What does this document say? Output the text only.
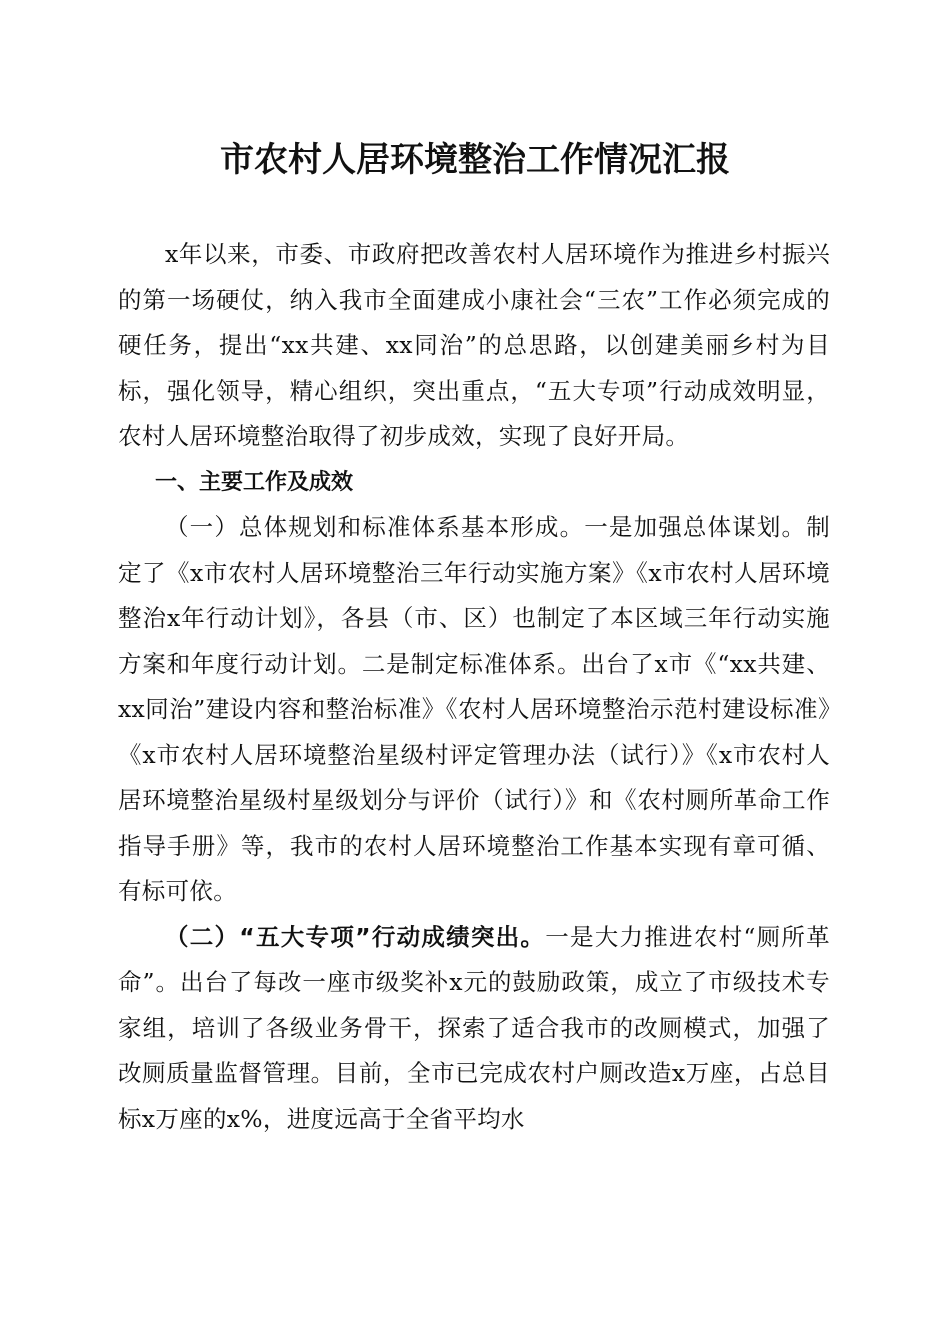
市农村人居环境整治工作情况汇报

x年以来，市委、市政府把改善农村人居环境作为推进乡村振兴的第一场硬仗，纳入我市全面建成小康社会“三农”工作必须完成的硬任务，提出“xx共建、xx同治”的总思路，以创建美丽乡村为目标，强化领导，精心组织，突出重点，“五大专项”行动成效明显，农村人居环境整治取得了初步成效，实现了良好开局。

一、主要工作及成效

（一）总体规划和标准体系基本形成。一是加强总体谋划。制定了《x市农村人居环境整治三年行动实施方案》《x市农村人居环境整治x年行动计划》，各县（市、区）也制定了本区域三年行动实施方案和年度行动计划。二是制定标准体系。出台了x市《“xx共建、xx同治”建设内容和整治标准》《农村人居环境整治示范村建设标准》《x市农村人居环境整治星级村评定管理办法（试行）》《x市农村人居环境整治星级村星级划分与评价（试行）》和《农村厕所革命工作指导手册》等，我市的农村人居环境整治工作基本实现有章可循、有标可依。

（二）“五大专项”行动成绩突出。一是大力推进农村“厕所革命”。出台了每改一座市级奖补x元的鼓励政策，成立了市级技术专家组，培训了各级业务骨干，探索了适合我市的改厕模式，加强了改厕质量监督管理。目前，全市已完成农村户厕改造x万座，占总目标x万座的x%，进度远高于全省平均水
